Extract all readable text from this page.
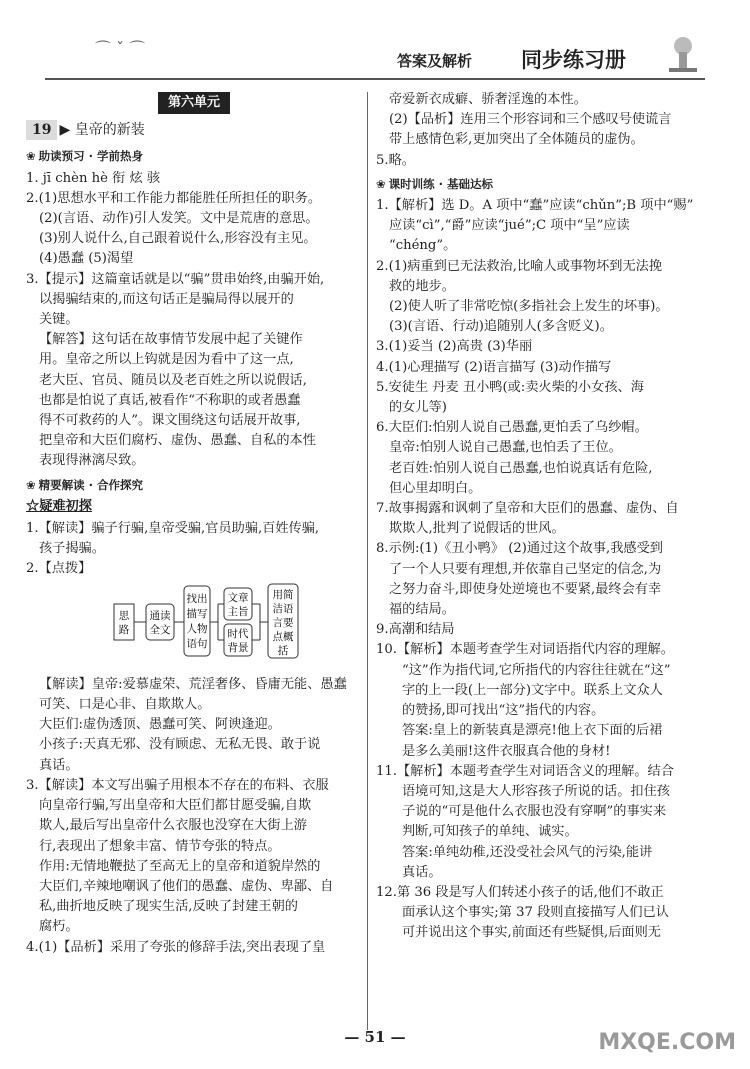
⌒ ˇ ⌒
答案及解析 同步练习册
第六单元
19 ▶ 皇帝的新装
❀ 助读预习 · 学前热身

1. jī chèn hè 衔 炫 骇

2.(1)思想水平和工作能力都能胜任所担任的职务。

(2)(言语、动作)引人发笑。文中是荒唐的意思。

(3)别人说什么,自己跟着说什么,形容没有主见。

(4)愚蠢 (5)渴望

3.【提示】这篇童话就是以“骗”贯串始终,由骗开始,

以揭骗结束的,而这句话正是骗局得以展开的

关键。

【解答】这句话在故事情节发展中起了关键作

用。皇帝之所以上钩就是因为看中了这一点,

老大臣、官员、随员以及老百姓之所以说假话,

也都是怕说了真话,被看作“不称职的或者愚蠢

得不可救药的人”。课文围绕这句话展开故事,

把皇帝和大臣们腐朽、虚伪、愚蠢、自私的本性

表现得淋漓尽致。

❀ 精要解读 · 合作探究
☆疑难初探

1.【解读】骗子行骗,皇帝受骗,官员助骗,百姓传骗,

孩子揭骗。

2.【点拨】

思
路
通读
全文
找出
描写
人物
语句
文章
主旨
时代
背景
用简
洁语
言要
点概
括

【解读】皇帝:爱慕虚荣、荒淫奢侈、昏庸无能、愚蠢

可笑、口是心非、自欺欺人。

大臣们:虚伪透顶、愚蠢可笑、阿谀逢迎。

小孩子:天真无邪、没有顾虑、无私无畏、敢于说

真话。

3.【解读】本文写出骗子用根本不存在的布料、衣服

向皇帝行骗,写出皇帝和大臣们都甘愿受骗,自欺

欺人,最后写出皇帝什么衣服也没穿在大街上游

行,表现出了想象丰富、情节夸张的特点。

作用:无情地鞭挞了至高无上的皇帝和道貌岸然的

大臣们,辛辣地嘲讽了他们的愚蠢、虚伪、卑鄙、自

私,曲折地反映了现实生活,反映了封建王朝的

腐朽。

4.(1)【品析】采用了夸张的修辞手法,突出表现了皇

帝爱新衣成癖、骄奢淫逸的本性。

(2)【品析】连用三个形容词和三个感叹号使谎言

带上感情色彩,更加突出了全体随员的虚伪。

5.略。

❀ 课时训练 · 基础达标

1.【解析】选 D。A 项中“蠢”应读“chǔn”;B 项中“赐”

应读“cì”,“爵”应读“jué”;C 项中“呈”应读

“chéng”。

2.(1)病重到已无法救治,比喻人或事物坏到无法挽

救的地步。

(2)使人听了非常吃惊(多指社会上发生的坏事)。

(3)(言语、行动)追随别人(多含贬义)。

3.(1)妥当 (2)高贵 (3)华丽

4.(1)心理描写 (2)语言描写 (3)动作描写

5.安徒生 丹麦 丑小鸭(或:卖火柴的小女孩、海

的女儿等)

6.大臣们:怕别人说自己愚蠢,更怕丢了乌纱帽。

皇帝:怕别人说自己愚蠢,也怕丢了王位。

老百姓:怕别人说自己愚蠢,也怕说真话有危险,

但心里却明白。

7.故事揭露和讽刺了皇帝和大臣们的愚蠢、虚伪、自

欺欺人,批判了说假话的世风。

8.示例:(1)《丑小鸭》 (2)通过这个故事,我感受到

了一个人只要有理想,并依靠自己坚定的信念,为

之努力奋斗,即使身处逆境也不要紧,最终会有幸

福的结局。

9.高潮和结局

10.【解析】本题考查学生对词语指代内容的理解。

“这”作为指代词,它所指代的内容往往就在“这”

字的上一段(上一部分)文字中。联系上文众人

的赞扬,即可找出“这”指代的内容。

答案:皇上的新装真是漂亮!他上衣下面的后裙

是多么美丽!这件衣服真合他的身材!

11.【解析】本题考查学生对词语含义的理解。结合

语境可知,这是大人形容孩子所说的话。扣住孩

子说的“可是他什么衣服也没有穿啊”的事实来

判断,可知孩子的单纯、诚实。

答案:单纯幼稚,还没受社会风气的污染,能讲

真话。

12.第 36 段是写人们转述小孩子的话,他们不敢正

面承认这个事实;第 37 段则直接描写人们已认

可并说出这个事实,前面还有些疑惧,后面则无

— 51 —	MXQE.COM
